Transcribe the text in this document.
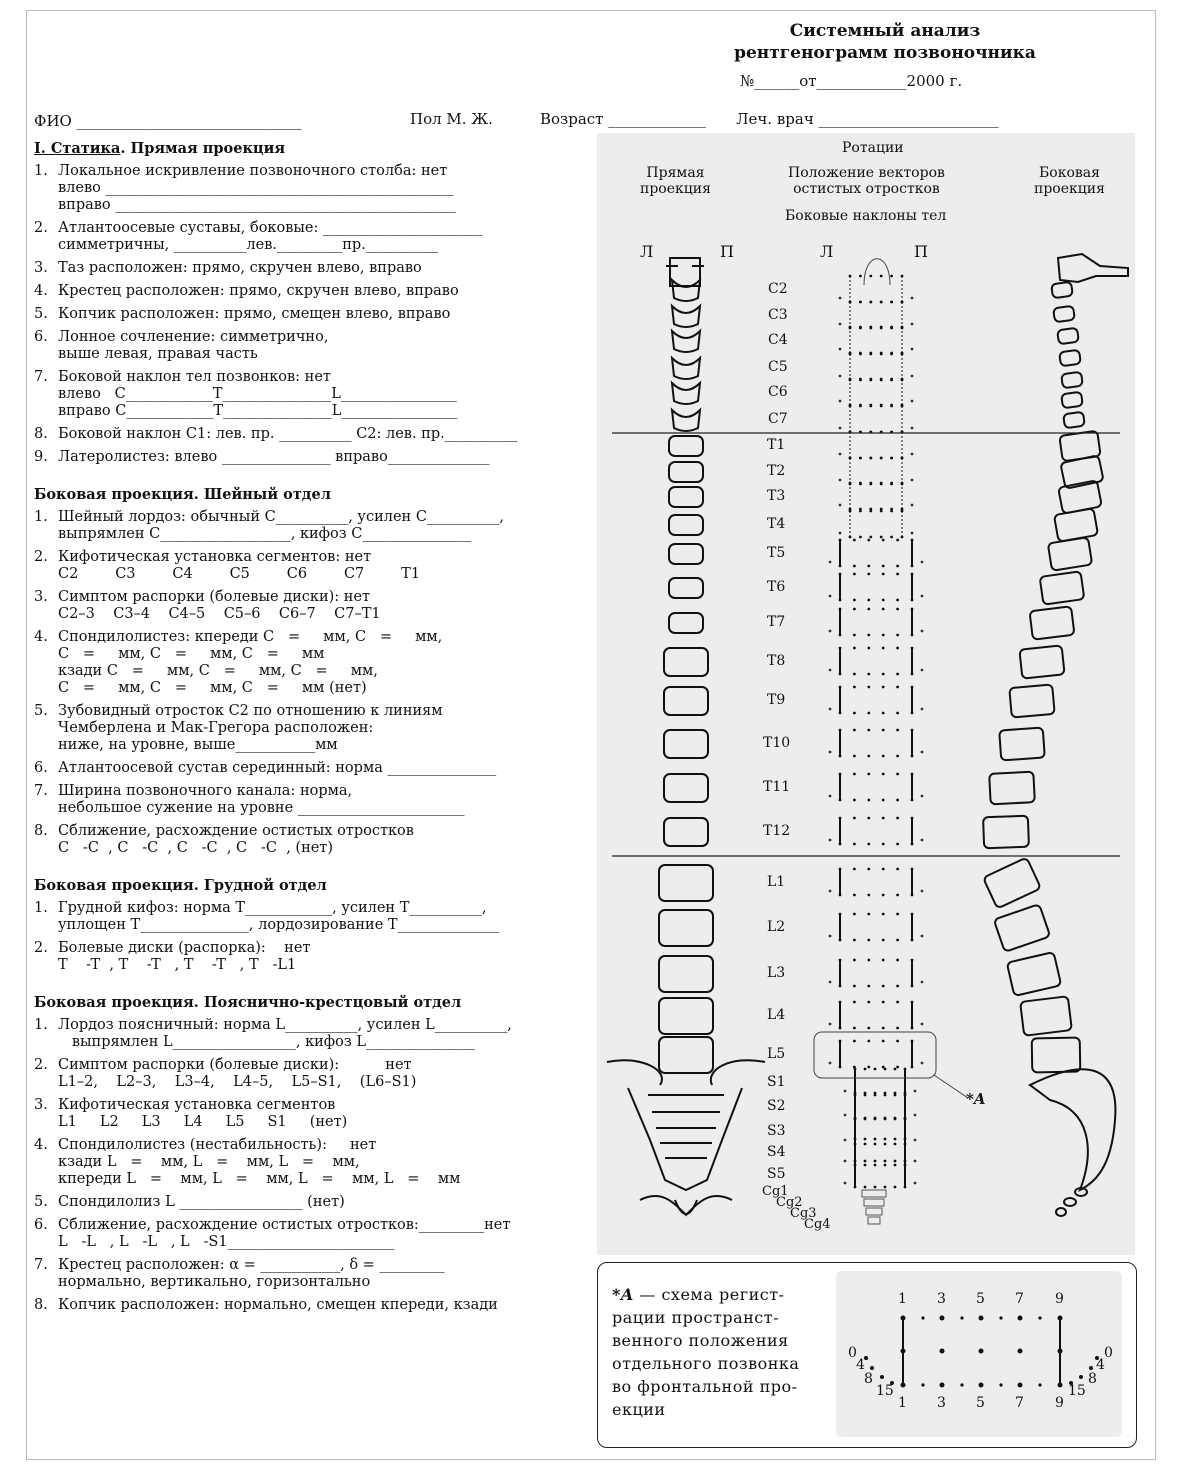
Системный анализ
рентгенограмм позвоночника
№______от____________2000 г.
ФИО ______________________________	Пол М. Ж.	Возраст _____________ Леч. врач ________________________
I. Статика. Прямая проекция
1. Локальное искривление позвоночного столба: нет
влево ________________________________________________
вправо _______________________________________________
2. Атлантоосевые суставы, боковые: ______________________
симметричны, __________лев._________пр.__________
3. Таз расположен: прямо, скручен влево, вправо
4. Крестец расположен: прямо, скручен влево, вправо
5. Копчик расположен: прямо, смещен влево, вправо
6. Лонное сочленение: симметрично,
выше левая, правая часть
7. Боковой наклон тел позвонков: нет
влево   C____________T_______________L________________
вправо C____________T_______________L________________
8. Боковой наклон C1: лев. пр. __________ C2: лев. пр.__________
9. Латеролистез: влево _______________ вправо______________
Боковая проекция. Шейный отдел
1. Шейный лордоз: обычный C__________, усилен C__________,
выпрямлен C__________________, кифоз C_______________
2. Кифотическая установка сегментов: нет
C2        C3        C4        C5        C6        C7        T1
3. Симптом распорки (болевые диски): нет
C2–3    C3–4    C4–5    C5–6    C6–7    C7–T1
4. Спондилолистез: кпереди C   =     мм, C   =     мм,
C   =     мм, C   =     мм, C   =     мм
кзади C   =     мм, C   =     мм, C   =     мм,
C   =     мм, C   =     мм, C   =     мм (нет)
5. Зубовидный отросток C2 по отношению к линиям
Чемберлена и Мак-Грегора расположен:
ниже, на уровне, выше___________мм
6. Атлантоосевой сустав серединный: норма _______________
7. Ширина позвоночного канала: норма,
небольшое сужение на уровне _______________________
8. Сближение, расхождение остистых отростков
C   -C  , C   -C  , C   -C  , C   -C  , (нет)
Боковая проекция. Грудной отдел
1. Грудной кифоз: норма T____________, усилен T__________,
уплощен T_______________, лордозирование T______________
2. Болевые диски (распорка):    нет
T    -T  , T    -T   , T    -T   , T   -L1
Боковая проекция. Пояснично-крестцовый отдел
1. Лордоз поясничный: норма L__________, усилен L__________,
выпрямлен L_________________, кифоз L_______________
2. Симптом распорки (болевые диски):          нет
L1–2,    L2–3,    L3–4,    L4–5,    L5–S1,    (L6–S1)
3. Кифотическая установка сегментов
L1     L2     L3     L4     L5     S1     (нет)
4. Спондилолистез (нестабильность):     нет
кзади L   =    мм, L   =    мм, L   =    мм,
кпереди L   =    мм, L   =    мм, L   =    мм, L   =    мм
5. Спондилолиз L _________________ (нет)
6. Сближение, расхождение остистых отростков:_________нет
L   -L   , L   -L   , L   -S1_______________________
7. Крестец расположен: α = ___________, δ = _________
нормально, вертикально, горизонтально
8. Копчик расположен: нормально, смещен кпереди, кзади
Прямая
проекция
Ротации
Положение векторов
остистых отростков
Боковые наклоны тел
Боковая
проекция
Л	П	Л	П
*A
C2
C3
C4
C5
C6
C7
T1
T2
T3
T4
T5
T6
T7
T8
T9
T10
T11
T12
L1
L2
L3
L4
L5
S1
S2
S3
S4
S5
Cg1
Cg2
Cg3
Cg4
*A — схема регист-
рации пространст-
венного положения
отдельного позвонка
во фронтальной про-
екции
1 3 5 7 9
1 3 5 7 9
0
4
8
15
0
4
8
15
